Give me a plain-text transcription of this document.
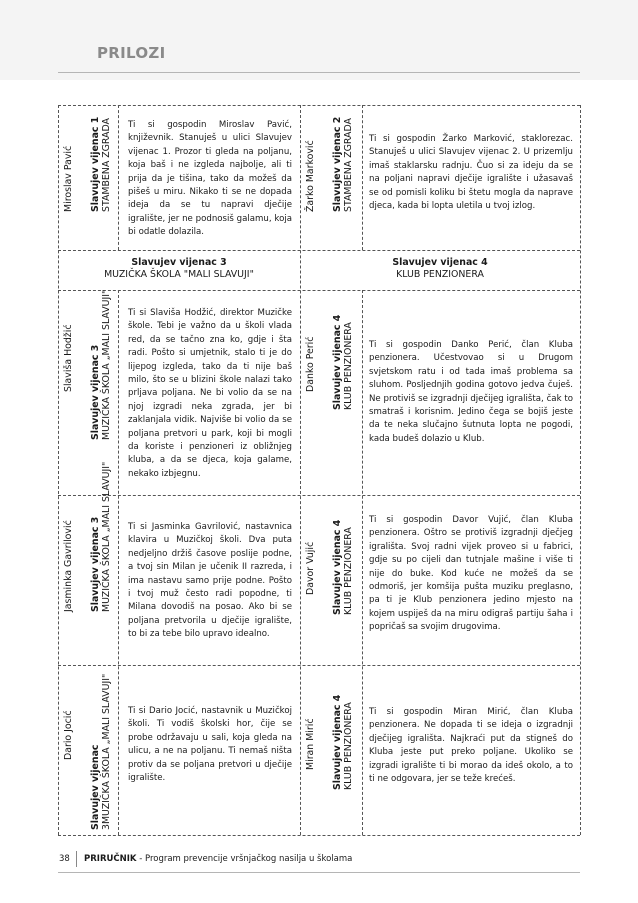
PRILOZI
Miroslav Pavić Slavujev vijenac 1 STAMBENA ZGRADA Ti si gospodin Miroslav Pavić, književnik. Stanuješ u ulici Slavujev vijenac 1. Prozor ti gleda na poljanu, koja baš i ne izgleda najbolje, ali ti prija da je tišina, tako da možeš da pišeš u miru. Nikako ti se ne dopada ideja da se tu napravi dječije igralište, jer ne podnosiš galamu, koja bi odatle dolazila.
Žarko Marković Slavujev vijenac 2 STAMBENA ZGRADA Ti si gospodin Žarko Marković, staklorezac. Stanuješ u ulici Slavujev vijenac 2. U prizemlju imaš staklarsku radnju. Čuo si za ideju da se na poljani napravi dječije igralište i užasavaš se od pomisli koliku bi štetu mogla da naprave djeca, kada bi lopta uletila u tvoj izlog.
Slavujev vijenac 3
MUZIČKA ŠKOLA "MALI SLAVUJI"
Slavujev vijenac 4
KLUB PENZIONERA
Slaviša Hodžić Slavujev vijenac 3 MUZIČKA ŠKOLA „MALI SLAVUJI" Ti si Slaviša Hodžić, direktor Muzičke škole. Tebi je važno da u školi vlada red, da se tačno zna ko, gdje i šta radi. Pošto si umjetnik, stalo ti je do lijepog izgleda, tako da ti nije baš milo, što se u blizini škole nalazi tako prljava poljana. Ne bi volio da se na njoj izgradi neka zgrada, jer bi zaklanjala vidik. Najviše bi volio da se poljana pretvori u park, koji bi mogli da koriste i penzioneri iz obližnjeg kluba, a da se djeca, koja galame, nekako izbjegnu.
Danko Perić Slavujev vijenac 4 KLUB PENZIONERA Ti si gospodin Danko Perić, član Kluba penzionera. Učestvovao si u Drugom svjetskom ratu i od tada imaš problema sa sluhom. Posljednjih godina gotovo jedva čuješ. Ne protiviš se izgradnji dječijeg igrališta, čak to smatraš i korisnim. Jedino čega se bojiš jeste da te neka slučajno šutnuta lopta ne pogodi, kada budeš dolazio u Klub.
Jasminka Gavrilović Slavujev vijenac 3 MUZIČKA ŠKOLA „MALI SLAVUJI" Ti si Jasminka Gavrilović, nastavnica klavira u Muzičkoj školi. Dva puta nedjeljno držiš časove poslije podne, a tvoj sin Milan je učenik II razreda, i ima nastavu samo prije podne. Pošto i tvoj muž često radi popodne, ti Milana dovodiš na posao. Ako bi se poljana pretvorila u dječije igralište, to bi za tebe bilo upravo idealno.
Davor Vujić Slavujev vijenac 4 KLUB PENZIONERA
Ti si gospodin Davor Vujić, član Kluba penzionera. Oštro se protiviš izgradnji dječjeg igrališta. Svoj radni vijek proveo si u fabrici, gdje su po cijeli dan tutnjale mašine i više ti nije do buke. Kod kuće ne možeš da se odmoriš, jer komšija pušta muziku preglasno, pa ti je Klub penzionera jedino mjesto na kojem uspiješ da na miru odigraš partiju šaha i popričaš sa svojim drugovima.
Dario Jocić
Slavujev vijenac 3MUZIČKA ŠKOLA „MALI SLAVUJI" Ti si Dario Jocić, nastavnik u Muzičkoj školi. Ti vodiš školski hor, čije se probe održavaju u sali, koja gleda na ulicu, a ne na poljanu. Ti nemaš ništa protiv da se poljana pretvori u dječije igralište.
Miran Mirić Slavujev vijenac 4 KLUB PENZIONERA Ti si gospodin Miran Mirić, član Kluba penzionera. Ne dopada ti se ideja o izgradnji dječijeg igrališta. Najkraći put da stigneš do Kluba jeste put preko poljane. Ukoliko se izgradi igralište ti bi morao da ideš okolo, a to ti ne odgovara, jer se teže krećeš.
38 PRIRUČNIK - Program prevencije vršnjačkog nasilja u školama
